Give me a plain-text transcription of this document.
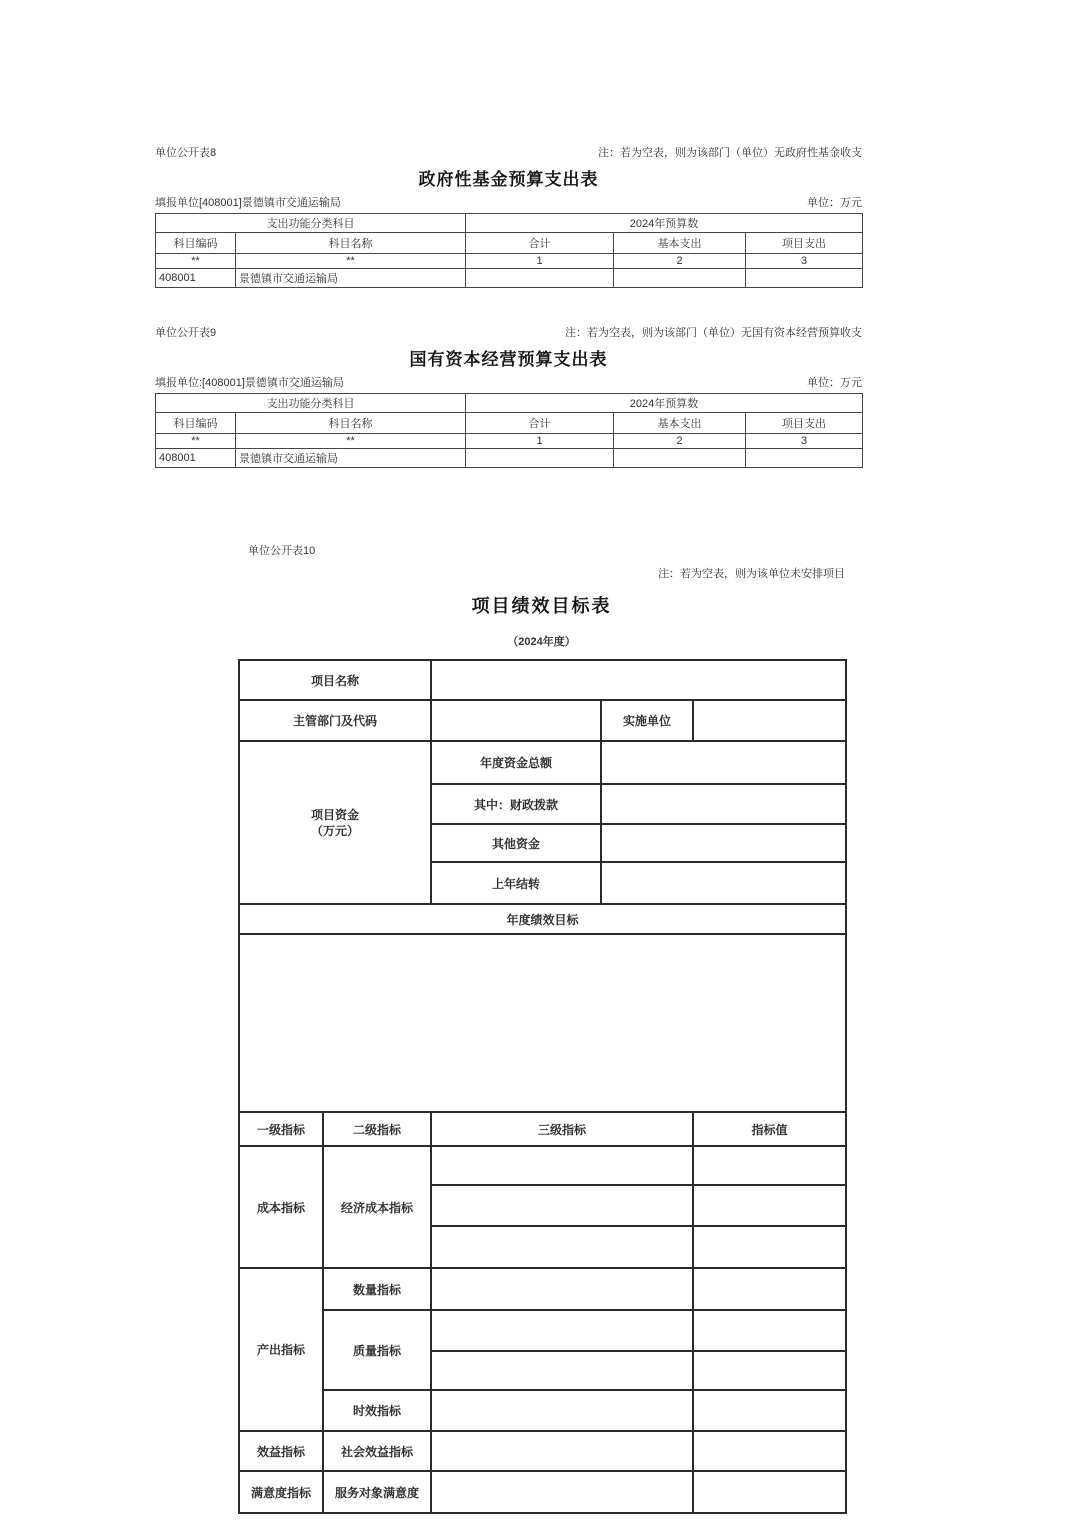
单位公开表8	注：若为空表，则为该部门（单位）无政府性基金收支
政府性基金预算支出表
填报单位[408001]景德镇市交通运输局	单位：万元
支出功能分类科目		2024年预算数		
科目编码	科目名称	合计	基本支出	项目支出
**	**	1	2	3
408001	景德镇市交通运输局			
单位公开表9	注：若为空表，则为该部门（单位）无国有资本经营预算收支
国有资本经营预算支出表
填报单位:[408001]景德镇市交通运输局	单位：万元
支出功能分类科目		2024年预算数		
科目编码	科目名称	合计	基本支出	项目支出
**	**	1	2	3
408001	景德镇市交通运输局			
单位公开表10
注：若为空表，则为该单位未安排项目
项目绩效目标表
（2024年度）
项目名称				
主管部门及代码			实施单位	

项目资金
（万元）		年度资金总额		
		其中：财政拨款		
		其他资金		
		上年结转		
年度绩效目标				

一级指标	二级指标	三级指标		指标值
成本指标	经济成本指标			

产出指标	数量指标			
	质量指标			

	时效指标			
效益指标	社会效益指标			
满意度指标	服务对象满意度			
